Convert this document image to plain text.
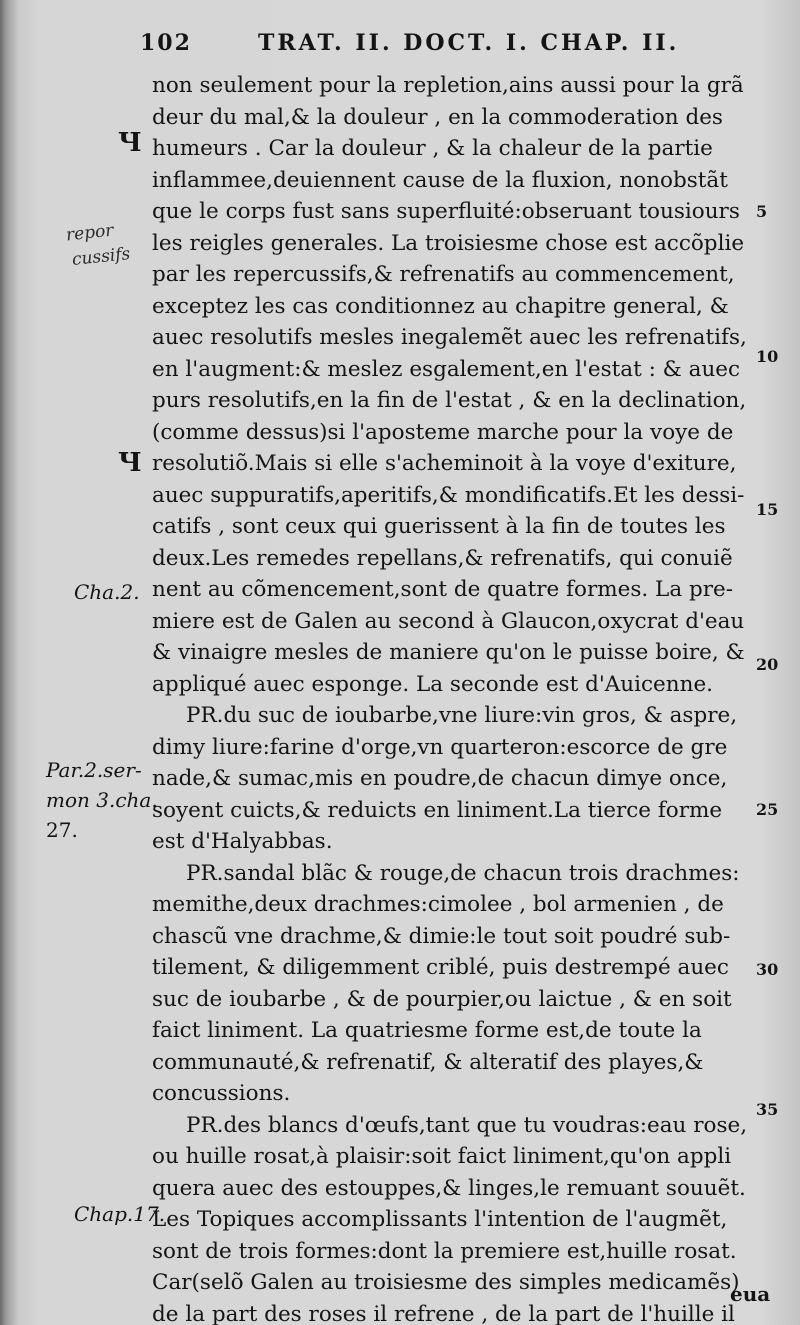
102	TRAT. II. DOCT. I. CHAP. II.
non seulement pour la repletion,ains aussi pour la grã
deur du mal,& la douleur , en la commoderation des
humeurs . Car la douleur , & la chaleur de la partie
inflammee,deuiennent cause de la fluxion, nonobstãt
que le corps fust sans superfluité:obseruant tousiours
les reigles generales. La troisiesme chose est accõplie
par les repercussifs,& refrenatifs au commencement,
exceptez les cas conditionnez au chapitre general, &
auec resolutifs mesles inegalemẽt auec les refrenatifs,
en l'augment:& meslez esgalement,en l'estat : & auec
purs resolutifs,en la fin de l'estat , & en la declination,
(comme dessus)si l'aposteme marche pour la voye de
resolutiõ.Mais si elle s'acheminoit à la voye d'exiture,
auec suppuratifs,aperitifs,& mondificatifs.Et les dessi-
catifs , sont ceux qui guerissent à la fin de toutes les
deux.Les remedes repellans,& refrenatifs, qui conuiẽ
nent au cõmencement,sont de quatre formes. La pre-
miere est de Galen au second à Glaucon,oxycrat d'eau
& vinaigre mesles de maniere qu'on le puisse boire, &
appliqué auec esponge. La seconde est d'Auicenne.
PR.du suc de ioubarbe,vne liure:vin gros, & aspre,
dimy liure:farine d'orge,vn quarteron:escorce de gre
nade,& sumac,mis en poudre,de chacun dimye once,
soyent cuicts,& reduicts en liniment.La tierce forme
est d'Halyabbas.
PR.sandal blãc & rouge,de chacun trois drachmes:
memithe,deux drachmes:cimolee , bol armenien , de
chascũ vne drachme,& dimie:le tout soit poudré sub-
tilement, & diligemment criblé, puis destrempé auec
suc de ioubarbe , & de pourpier,ou laictue , & en soit
faict liniment. La quatriesme forme est,de toute la
communauté,& refrenatif, & alteratif des playes,&
concussions.
PR.des blancs d'œufs,tant que tu voudras:eau rose,
ou huille rosat,à plaisir:soit faict liniment,qu'on appli
quera auec des estouppes,& linges,le remuant souuẽt.
Les Topiques accomplissants l'intention de l'augmẽt,
sont de trois formes:dont la premiere est,huille rosat.
Car(selõ Galen au troisiesme des simples medicamẽs)
de la part des roses il refrene , de la part de l'huille il
Ч
Ч
repor
cussifs
Cha.2.
Par.2.ser-
mon 3.cha.
27.
Chap.17.
5
10
15
20
25
30
35
eua
